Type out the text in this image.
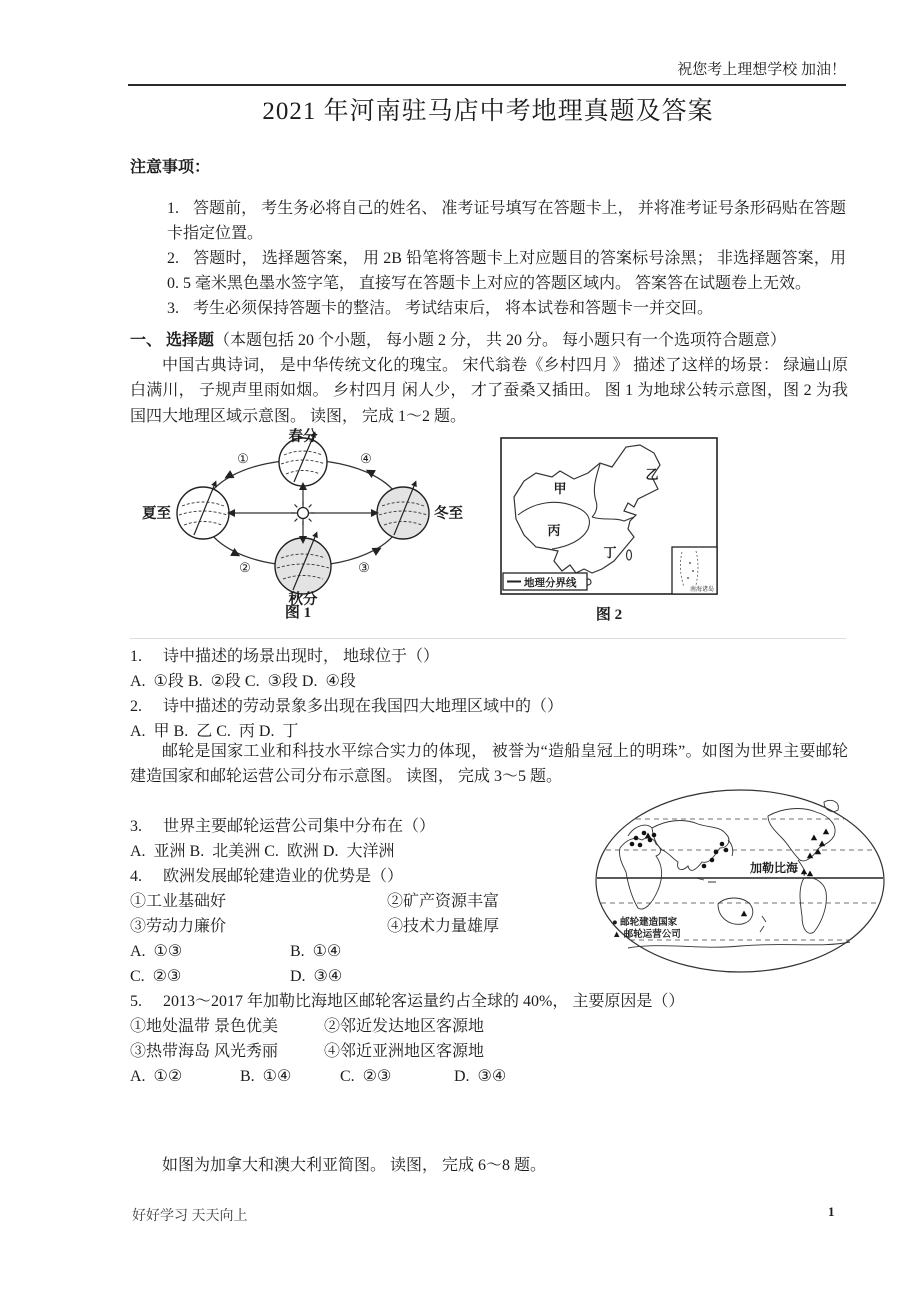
祝您考上理想学校 加油！
2021 年河南驻马店中考地理真题及答案

注意事项：

1. 答题前， 考生务必将自己的姓名、 准考证号填写在答题卡上， 并将准考证号条形码贴在答题卡指定位置。

2. 答题时， 选择题答案， 用 2B 铅笔将答题卡上对应题目的答案标号涂黑； 非选择题答案，用 0. 5 毫米黑色墨水签字笔， 直接写在答题卡上对应的答题区域内。 答案答在试题卷上无效。

3. 考生必须保持答题卡的整洁。 考试结束后， 将本试卷和答题卡一并交回。

一、 选择题（本题包括 20 个小题， 每小题 2 分， 共 20 分。 每小题只有一个选项符合题意）

中国古典诗词， 是中华传统文化的瑰宝。 宋代翁卷《乡村四月 》 描述了这样的场景： 绿遍山原白满川， 子规声里雨如烟。 乡村四月 闲人少， 才了蚕桑又插田。 图 1 为地球公转示意图，图 2 为我国四大地理区域示意图。 读图， 完成 1～2 题。

①	④
②	③
春分
夏至	冬至
秋分
图 1
甲
乙
丙
丁
地理分界线
南海诸岛
图 2

1. 诗中描述的场景出现时， 地球位于（）

A.  ①段 B.  ②段 C.  ③段 D.  ④段

2. 诗中描述的劳动景象多出现在我国四大地理区域中的（）

A.  甲 B.  乙 C.  丙 D.  丁

邮轮是国家工业和科技水平综合实力的体现， 被誉为“造船皇冠上的明珠”。如图为世界主要邮轮建造国家和邮轮运营公司分布示意图。 读图， 完成 3～5 题。

加勒比海
● 邮轮建造国家
▲ 邮轮运营公司

3. 世界主要邮轮运营公司集中分布在（）

A.  亚洲 B.  北美洲 C.  欧洲 D.  大洋洲

4. 欧洲发展邮轮建造业的优势是（）

①工业基础好	②矿产资源丰富

③劳动力廉价	④技术力量雄厚

A.  ①③	B.  ①④

C.  ②③	D.  ③④

5. 2013～2017 年加勒比海地区邮轮客运量约占全球的 40%， 主要原因是（）

①地处温带 景色优美	②邻近发达地区客源地

③热带海岛 风光秀丽	④邻近亚洲地区客源地

A.  ①②	B.  ①④	C.  ②③	D.  ③④

如图为加拿大和澳大利亚简图。 读图， 完成 6～8 题。
好好学习 天天向上	1
